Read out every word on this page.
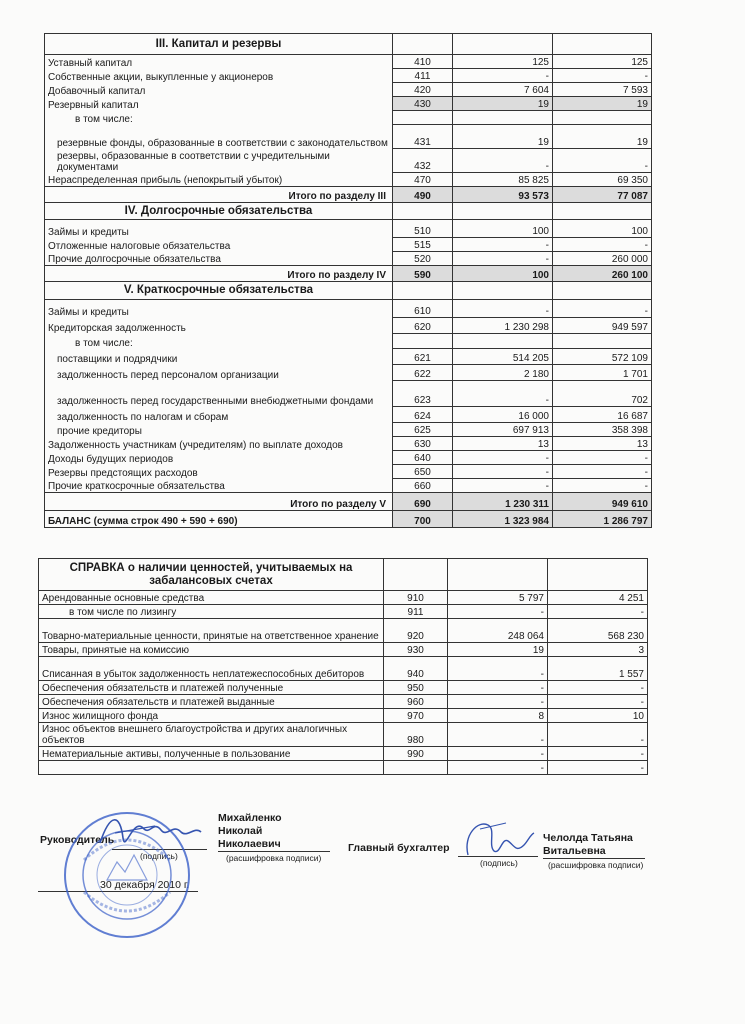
III. Капитал и резервы			
Уставный капитал	410	125	125
Собственные акции, выкупленные у акционеров	411	-	-
Добавочный капитал	420	7 604	7 593
Резервный капитал	430	19	19
в том числе:			
резервные фонды, образованные в соответствии с законодательством	431	19	19
резервы, образованные в соответствии с учредительными документами	432	-	-
Нераспределенная прибыль (непокрытый убыток)	470	85 825	69 350
Итого по разделу III	490	93 573	77 087
IV. Долгосрочные обязательства			
Займы и кредиты	510	100	100
Отложенные налоговые обязательства	515	-	-
Прочие долгосрочные обязательства	520	-	260 000
Итого по разделу IV	590	100	260 100
V. Краткосрочные обязательства			
Займы и кредиты	610	-	-
Кредиторская задолженность	620	1 230 298	949 597
в том числе:			
поставщики и подрядчики	621	514 205	572 109
задолженность перед персоналом организации	622	2 180	1 701
задолженность перед государственными внебюджетными фондами	623	-	702
задолженность по налогам и сборам	624	16 000	16 687
прочие кредиторы	625	697 913	358 398
Задолженность участникам (учредителям) по выплате доходов	630	13	13
Доходы будущих периодов	640	-	-
Резервы предстоящих расходов	650	-	-
Прочие краткосрочные обязательства	660	-	-
Итого по разделу V	690	1 230 311	949 610
БАЛАНС (сумма строк 490 + 590 + 690)	700	1 323 984	1 286 797
СПРАВКА о наличии ценностей, учитываемых на забалансовых счетах			
Арендованные основные средства	910	5 797	4 251
в том числе по лизингу	911	-	-
Товарно-материальные ценности, принятые на ответственное хранение	920	248 064	568 230
Товары, принятые на комиссию	930	19	3
Списанная в убыток задолженность неплатежеспособных дебиторов	940	-	1 557
Обеспечения обязательств и платежей полученные	950	-	-
Обеспечения обязательств и платежей выданные	960	-	-
Износ жилищного фонда	970	8	10
Износ объектов внешнего благоустройства и других аналогичных объектов	980	-	-
Нематериальные активы, полученные в пользование	990	-	-
		-	-
Руководитель
(подпись)
Михайленко
Николай
Николаевич
(расшифровка подписи)
Главный бухгалтер
(подпись)
Челолда Татьяна
Витальевна
(расшифровка подписи)
30 декабря 2010 г.
